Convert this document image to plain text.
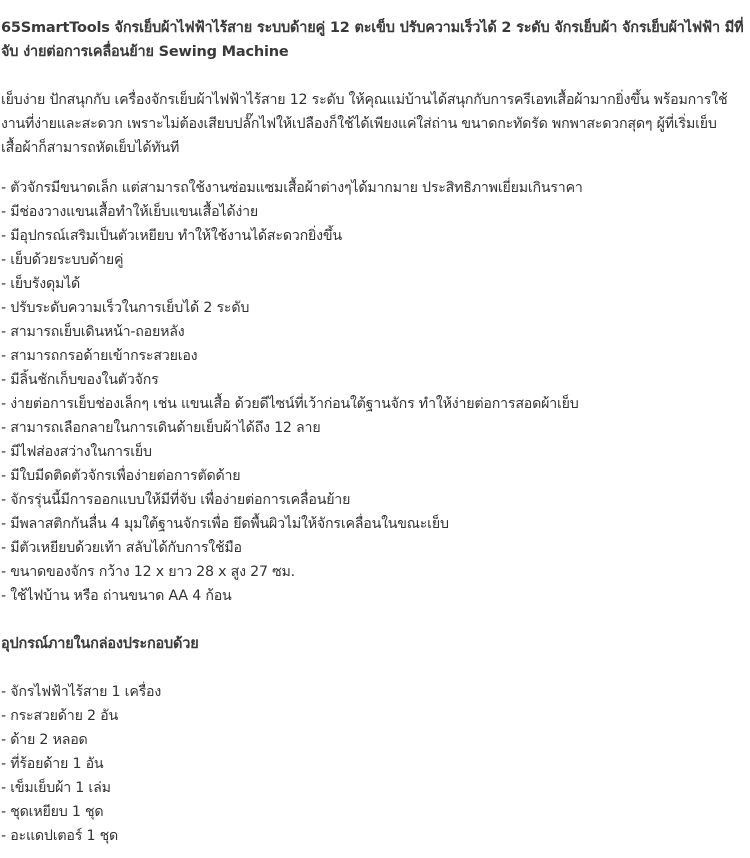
65SmartTools จักรเย็บผ้าไฟฟ้าไร้สาย ระบบด้ายคู่ 12 ตะเข็บ ปรับความเร็วได้ 2 ระดับ จักรเย็บผ้า จักรเย็บผ้าไฟฟ้า มีที่จับ ง่ายต่อการเคลื่อนย้าย Sewing Machine

เย็บง่าย ปักสนุกกับ เครื่องจักรเย็บผ้าไฟฟ้าไร้สาย 12 ระดับ ให้คุณแม่บ้านได้สนุกกับการครีเอทเสื้อผ้ามากยิ่งขึ้น พร้อมการใช้งานที่ง่ายและสะดวก เพราะไม่ต้องเสียบปลั๊กไฟให้เปลืองก็ใช้ได้เพียงแค่ใส่ถ่าน ขนาดกะทัดรัด พกพาสะดวกสุดๆ ผู้ที่เริ่มเย็บเสื้อผ้าก็สามารถหัดเย็บได้ทันที

- ตัวจักรมีขนาดเล็ก แต่สามารถใช้งานซ่อมแซมเสื้อผ้าต่างๆได้มากมาย ประสิทธิภาพเยี่ยมเกินราคา
- มีช่องวางแขนเสื้อทำให้เย็บแขนเสื้อได้ง่าย
- มีอุปกรณ์เสริมเป็นตัวเหยียบ ทำให้ใช้งานได้สะดวกยิ่งขึ้น
- เย็บด้วยระบบด้ายคู่
- เย็บรังดุมได้
- ปรับระดับความเร็วในการเย็บได้ 2 ระดับ
- สามารถเย็บเดินหน้า-ถอยหลัง
- สามารถกรอด้ายเข้ากระสวยเอง
- มีลิ้นชักเก็บของในตัวจักร
- ง่ายต่อการเย็บช่องเล็กๆ เช่น แขนเสื้อ ด้วยดีไซน์ที่เว้าก่อนใต้ฐานจักร ทำให้ง่ายต่อการสอดผ้าเย็บ
- สามารถเลือกลายในการเดินด้ายเย็บผ้าได้ถึง 12 ลาย
- มีไฟส่องสว่างในการเย็บ
- มีใบมีดติดตัวจักรเพื่อง่ายต่อการตัดด้าย
- จักรรุ่นนี้มีการออกแบบให้มีที่จับ เพื่อง่ายต่อการเคลื่อนย้าย
- มีพลาสติกกันลื่น 4 มุมใต้ฐานจักรเพื่อ ยึดพื้นผิวไม่ให้จักรเคลื่อนในขณะเย็บ
- มีตัวเหยียบด้วยเท้า สลับได้กับการใช้มือ
- ขนาดของจักร กว้าง 12 x ยาว 28 x สูง 27 ซม.
- ใช้ไฟบ้าน หรือ ถ่านขนาด AA 4 ก้อน
อุปกรณ์ภายในกล่องประกอบด้วย
- จักรไฟฟ้าไร้สาย 1 เครื่อง
- กระสวยด้าย 2 อัน
- ด้าย 2 หลอด
- ที่ร้อยด้าย 1 อัน
- เข็มเย็บผ้า 1 เล่ม
- ชุดเหยียบ 1 ชุด
- อะแดปเตอร์ 1 ชุด
